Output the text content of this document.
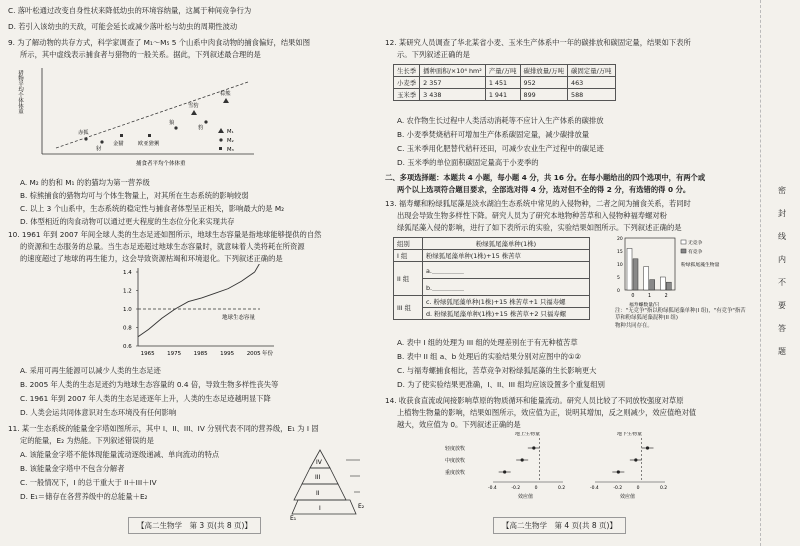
C. 落叶松通过改变自身性状来降低幼虫的环境容纳量，这属于种间竞争行为
D. 若引入该幼虫的天敌，可能会延长或减少落叶松与幼虫的周期性波动
9. 为了解动物的共存方式，科学家调查了 M₁～M₅ 5 个山系中肉食动物的捕食偏好，结果如图
所示，其中虚线表示捕食者与猎物的一般关系。据此，下列叙述最合理的是
猎物平均个体体重
捕食者平均个体体重
赤狐
豺
金猫	欧亚猞猁
狼
雪豹
豹
棕熊
M₁
M₂
M₃
A. M₂ 的豹和 M₁ 的豹猫均为第一营养级
B. 棕熊捕食的猎物均可与个体生物量上，对其所在生态系统的影响较弱
C. 以上 3 个山系中，生态系统的稳定性与捕食者体型呈正相关，影响最大的是 M₂
D. 体型相近的肉食动物可以通过更大程度的生态位分化来实现共存
10. 1961 年到 2007 年间全球人类的生态足迹如图所示，地球生态容量是指地球能够提供的自然
的资源和生态服务的总量。当生态足迹超过地球生态容量时，就意味着人类将耗在所资源
的速度超过了地球的再生能力，这会导致资源枯竭和环境退化。下列叙述正确的是
0.6
0.8
1.0
1.2
1.4
1965 1975 1985 1995 2005 年份
地球生态容量
A. 采用可再生能源可以减少人类的生态足迹
B. 2005 年人类的生态足迹约为地球生态容量的 0.4 倍，导致生物多样性丧失等
C. 1961 年到 2007 年人类的生态足迹逐年上升，人类的生态足迹越明显下降
D. 人类会运共同体意识对生态环境没有任何影响
11. 某一生态系统的能量金字塔如图所示，其中 I、II、III、IV 分别代表不同的营养级，E₁ 为 I 固
定的能量，E₂ 为热能。下列叙述错误的是
A. 该能量金字塔不能体现能量流动逐级递减、单向流动的特点
B. 该能量金字塔中不包含分解者
C. 一般情况下，I 的总干重大于 II＋III＋IV
D. E₁＝储存在各营养级中的总能量＋E₂
IV
III
II
I	E₂
E₁
【高二生物学　第 3 页(共 8 页)】
12. 某研究人员调查了华北某省小麦、玉米生产体系中一年的碳排放和碳固定量，结果如下表所
示。下列叙述正确的是
生长季	播种面积/×10⁴ hm²	产量/万吨	碳排放量/万吨	碳固定量/万吨
小麦季	2 357	1 451	952	463
玉米季	3 438	1 941	899	588
A. 农作物生长过程中人类活动消耗等不应计入生产体系的碳排放
B. 小麦季焚烧秸秆可增加生产体系碳固定量，减少碳排放量
C. 玉米季用化肥替代秸秆还田，可减少农业生产过程中的碳足迹
D. 玉米季的单位面积碳固定量高于小麦季的
二、多项选择题：本题共 4 小题，每小题 4 分，共 16 分。在每小题给出的四个选项中，有两个或
两个以上选项符合题目要求，全部选对得 4 分，选对但不全的得 2 分，有选错的得 0 分。
13. 福寿螺和粉绿狐尾藻是淡水湖泊生态系统中常见的入侵物种，二者之间为捕食关系，若同时
出现会导致生物多样性下降。研究人员为了研究本地物种苦草和入侵物种福寿螺对粉
绿狐尾藻入侵的影响，进行了如下表所示的实验，实验结果如图所示。下列叙述正确的是
组别	粉绿狐尾藻单种(1株)
I 组	粉绿狐尾藻单种(1株)+15 株苦草
II 组	a.＿＿＿＿＿
	b.＿＿＿＿＿
III 组	c. 粉绿狐尾藻单种(1株)+15 株苦草+1 只福寿螺
	d. 粉绿狐尾藻单种(1株)+15 株苦草+2 只福寿螺
0
5
10
15
20
0	1	2
福寿螺数量/只
无竞争
有竞争
粉绿狐尾藻生物量
注："无竞争"指以粉绿狐尾藻单种(I 组)，"有竞争"指苦草和粉绿狐尾藻混种(II 组)
物种共同存在。
A. 表中 I 组的处理为 III 组的处理差别在于有无种植苦草
B. 表中 II 组 a、b 处理后的实验结果分别对应图中的①②
C. 与福寿螺捕食相比，苦草竞争对粉绿狐尾藻的生长影响更大
D. 为了使实验结果更准确，I、II、III 组均应该设置多个重复组别
14. 收获食直流或间接影响草原的物质循环和能量流动。研究人员比较了不同放牧强度对草原
上植物生物量的影响，结果如图所示，效应值为正，说明其增加，反之则减少，效应值绝对值
越大，效应值为 0。下列叙述正确的是
轻度放牧
中度放牧
重度放牧
-0.4	-0.2	0	0.2
地上生物量
效应值
-0.4	-0.2	0	0.2
地下生物量
效应值
【高二生物学　第 4 页(共 8 页)】
密
封
线
内
不
要
答
题
